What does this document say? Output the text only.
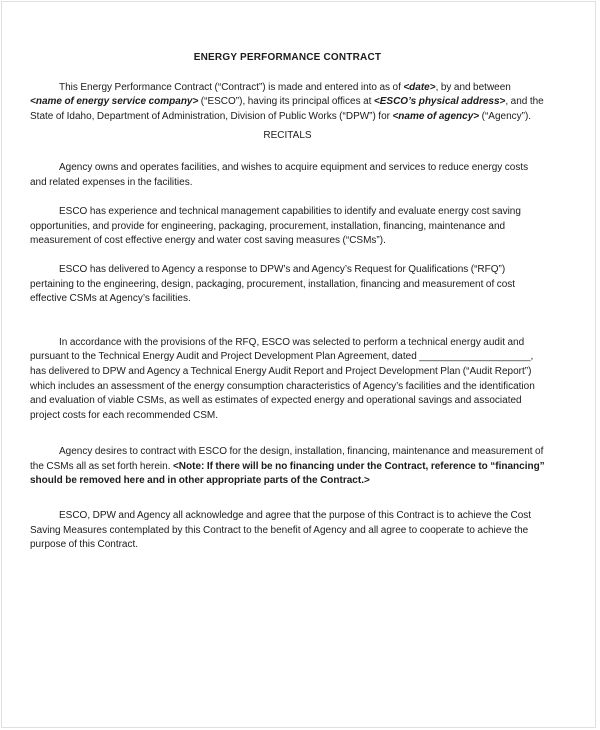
ENERGY PERFORMANCE CONTRACT

This Energy Performance Contract (“Contract”) is made and entered into as of <date>, by and between <name of energy service company> (“ESCO”), having its principal offices at <ESCO’s physical address>, and the State of Idaho, Department of Administration, Division of Public Works (“DPW”) for <name of agency> (“Agency”).

RECITALS

Agency owns and operates facilities, and wishes to acquire equipment and services to reduce energy costs and related expenses in the facilities.

ESCO has experience and technical management capabilities to identify and evaluate energy cost saving opportunities, and provide for engineering, packaging, procurement, installation, financing, maintenance and measurement of cost effective energy and water cost saving measures (“CSMs”).

ESCO has delivered to Agency a response to DPW’s and Agency’s Request for Qualifications (“RFQ”) pertaining to the engineering, design, packaging, procurement, installation, financing and measurement of cost effective CSMs at Agency’s facilities.

In accordance with the provisions of the RFQ, ESCO was selected to perform a technical energy audit and pursuant to the Technical Energy Audit and Project Development Plan Agreement, dated ____________________, has delivered to DPW and Agency a Technical Energy Audit Report and Project Development Plan (“Audit Report”) which includes an assessment of the energy consumption characteristics of Agency’s facilities and the identification and evaluation of viable CSMs, as well as estimates of expected energy and operational savings and associated project costs for each recommended CSM.

Agency desires to contract with ESCO for the design, installation, financing, maintenance and measurement of the CSMs all as set forth herein. <Note: If there will be no financing under the Contract, reference to “financing” should be removed here and in other appropriate parts of the Contract.>

ESCO, DPW and Agency all acknowledge and agree that the purpose of this Contract is to achieve the Cost Saving Measures contemplated by this Contract to the benefit of Agency and all agree to cooperate to achieve the purpose of this Contract.
